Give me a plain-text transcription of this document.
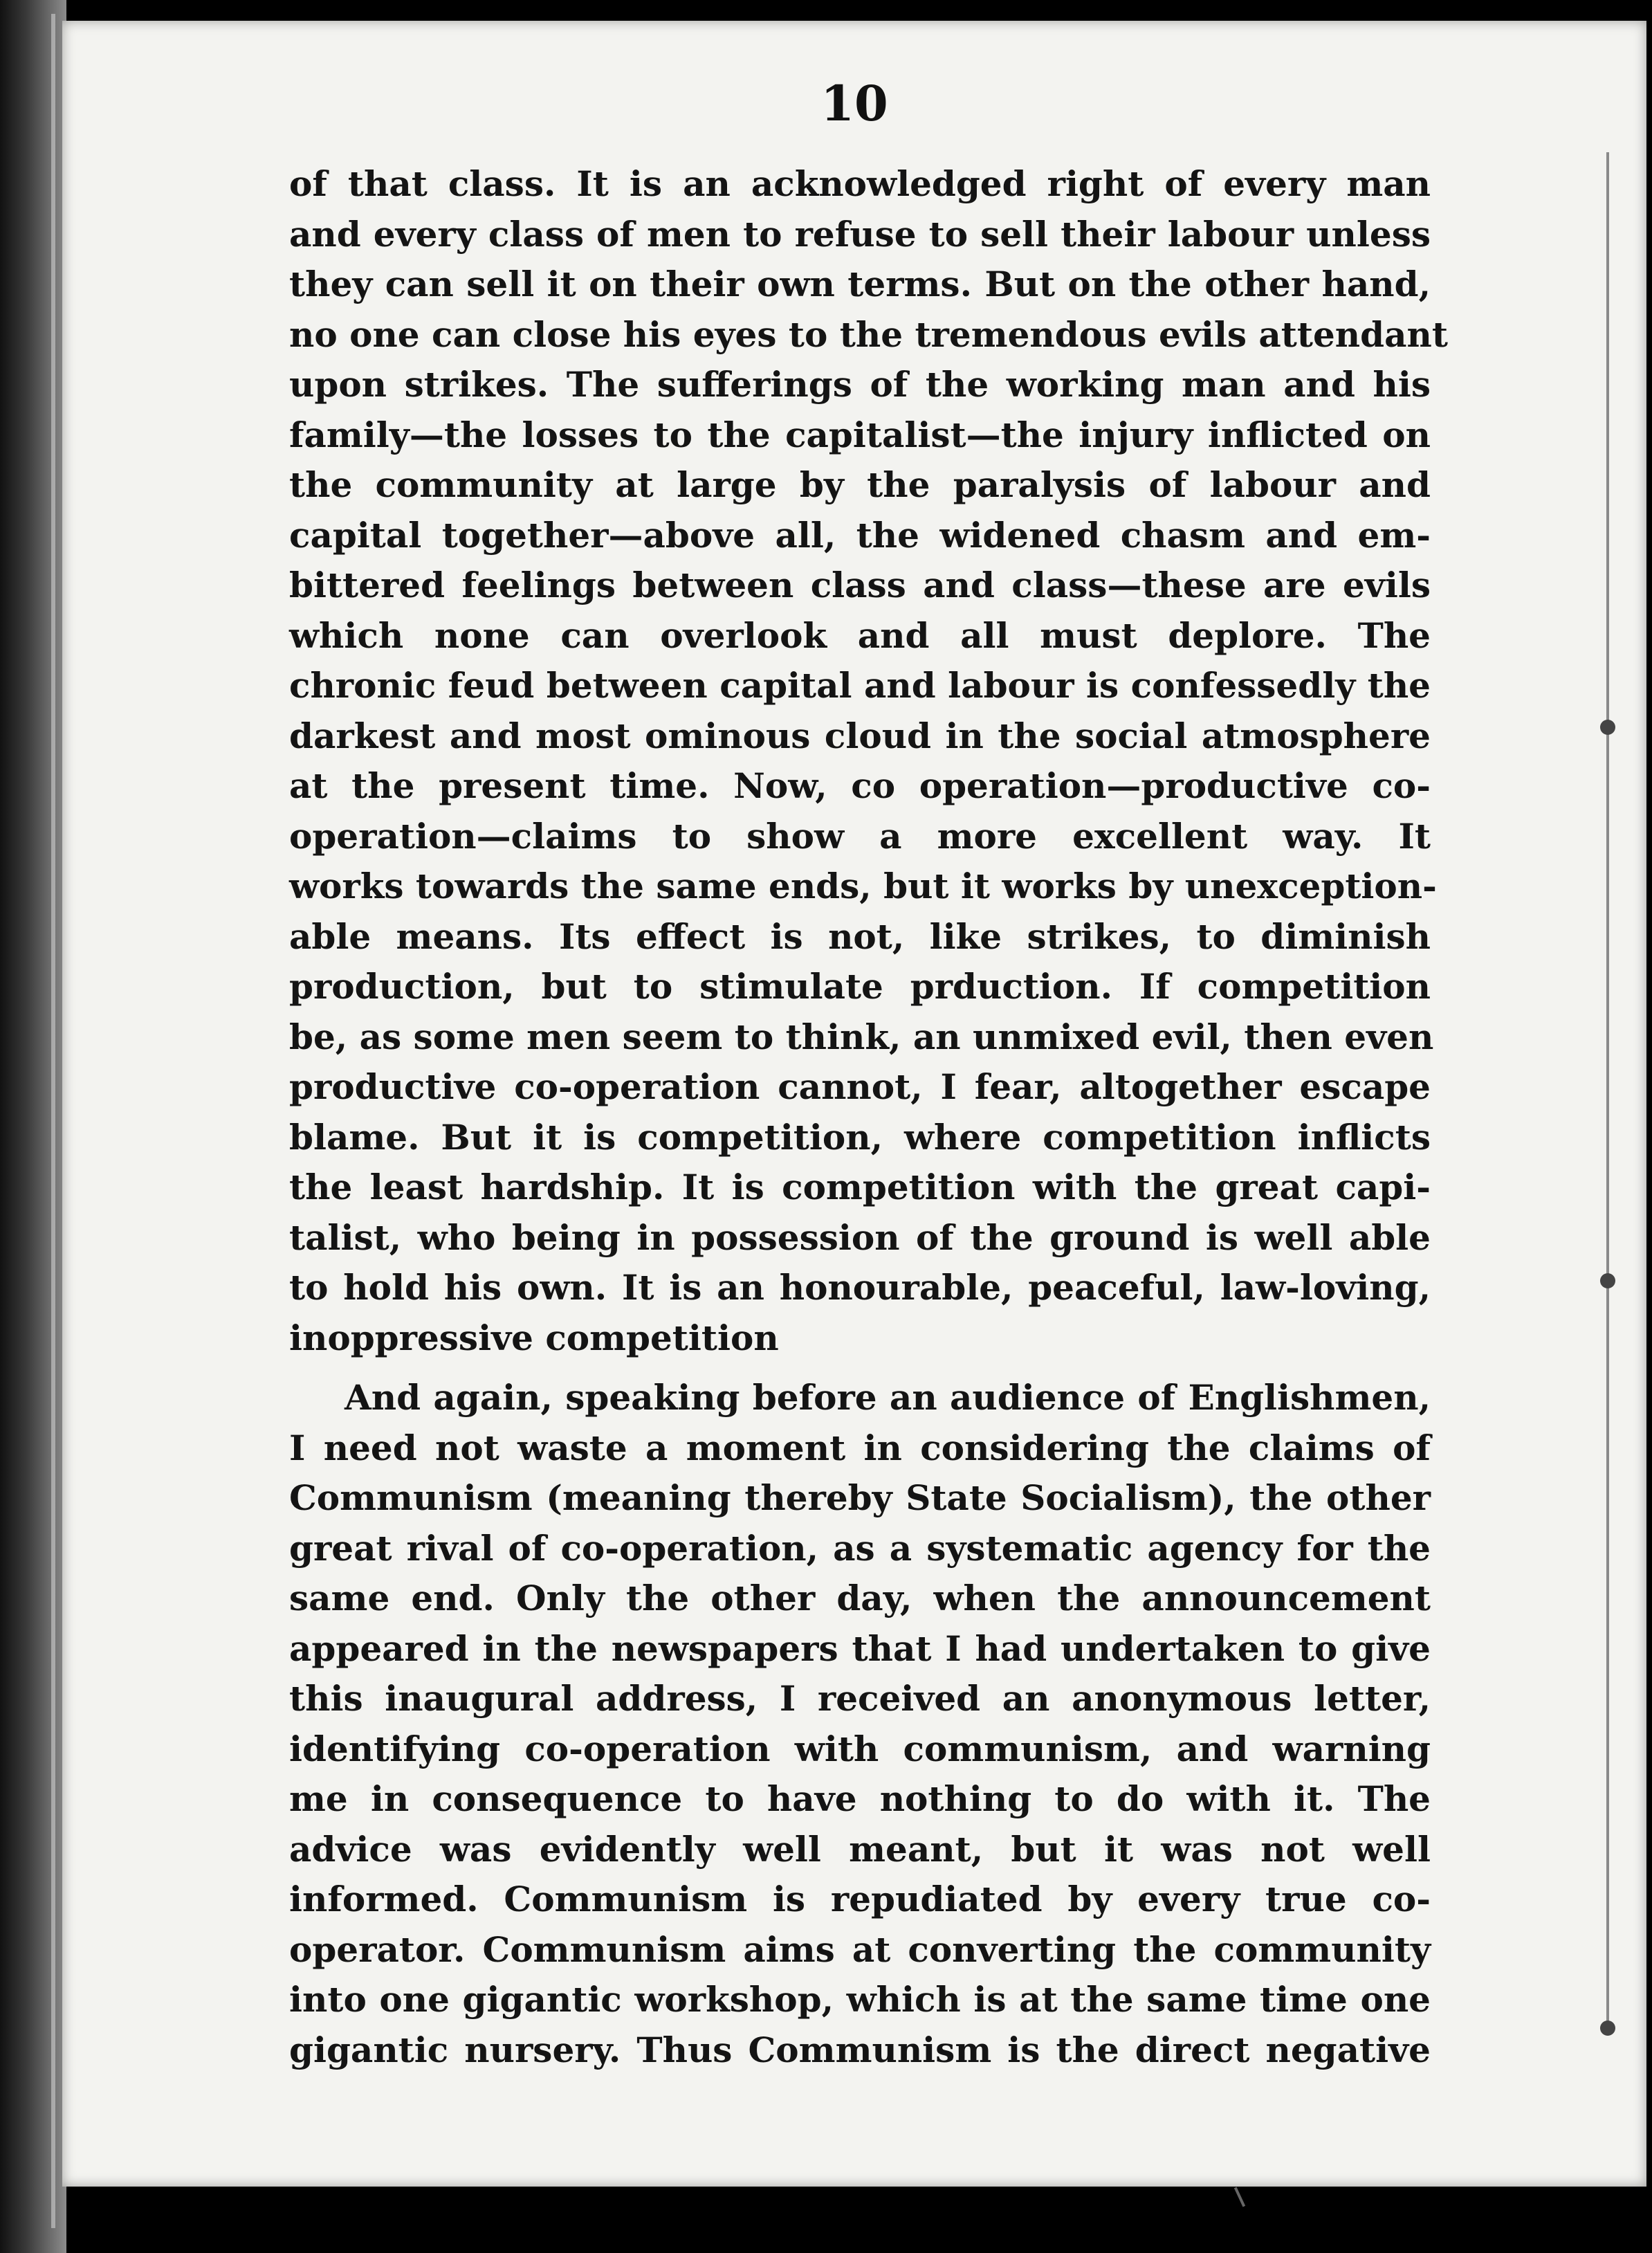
10
of that class. It is an acknowledged right of every man
and every class of men to refuse to sell their labour unless
they can sell it on their own terms. But on the other hand,
no one can close his eyes to the tremendous evils attendant
upon strikes. The sufferings of the working man and his
family—the losses to the capitalist—the injury inflicted on
the community at large by the paralysis of labour and
capital together—above all, the widened chasm and em-
bittered feelings between class and class—these are evils
which none can overlook and all must deplore. The
chronic feud between capital and labour is confessedly the
darkest and most ominous cloud in the social atmosphere
at the present time. Now, co operation—productive co-
operation—claims to show a more excellent way. It
works towards the same ends, but it works by unexception-
able means. Its effect is not, like strikes, to diminish
production, but to stimulate prduction. If competition
be, as some men seem to think, an unmixed evil, then even
productive co-operation cannot, I fear, altogether escape
blame. But it is competition, where competition inflicts
the least hardship. It is competition with the great capi-
talist, who being in possession of the ground is well able
to hold his own. It is an honourable, peaceful, law-loving,
inoppressive competition
And again, speaking before an audience of Englishmen,
I need not waste a moment in considering the claims of
Communism (meaning thereby State Socialism), the other
great rival of co-operation, as a systematic agency for the
same end. Only the other day, when the announcement
appeared in the newspapers that I had undertaken to give
this inaugural address, I received an anonymous letter,
identifying co-operation with communism, and warning
me in consequence to have nothing to do with it. The
advice was evidently well meant, but it was not well
informed. Communism is repudiated by every true co-
operator. Communism aims at converting the community
into one gigantic workshop, which is at the same time one
gigantic nursery. Thus Communism is the direct negative
